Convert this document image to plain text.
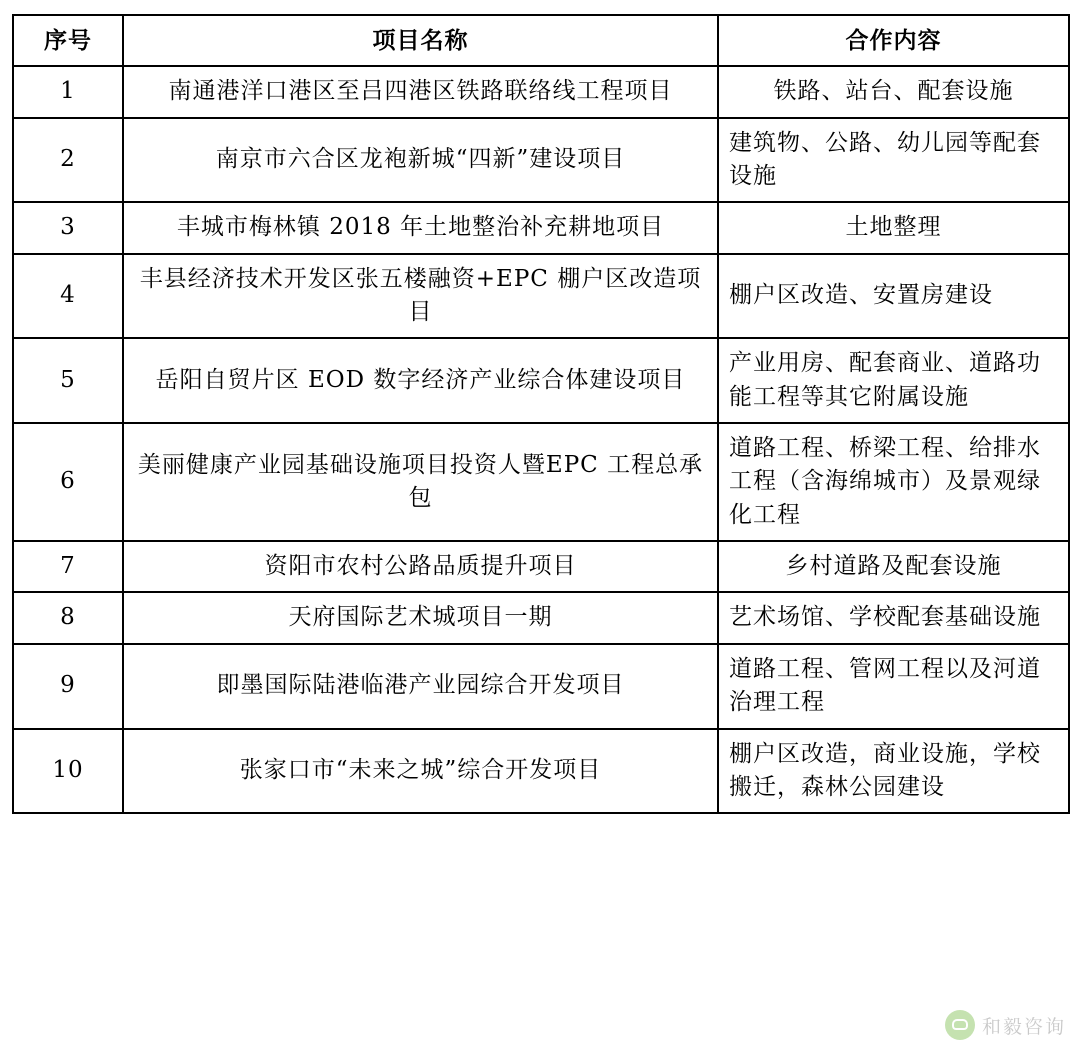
序号	项目名称	合作内容
1	南通港洋口港区至吕四港区铁路联络线工程项目	铁路、站台、配套设施
2	南京市六合区龙袍新城“四新”建设项目	建筑物、公路、幼儿园等配套设施
3	丰城市梅林镇 2018 年土地整治补充耕地项目	土地整理
4	丰县经济技术开发区张五楼融资+EPC 棚户区改造项目	棚户区改造、安置房建设
5	岳阳自贸片区 EOD 数字经济产业综合体建设项目	产业用房、配套商业、道路功能工程等其它附属设施
6	美丽健康产业园基础设施项目投资人暨EPC 工程总承包	道路工程、桥梁工程、给排水工程（含海绵城市）及景观绿化工程
7	资阳市农村公路品质提升项目	乡村道路及配套设施
8	天府国际艺术城项目一期	艺术场馆、学校配套基础设施
9	即墨国际陆港临港产业园综合开发项目	道路工程、管网工程以及河道治理工程
10	张家口市“未来之城”综合开发项目	棚户区改造，商业设施，学校搬迁，森林公园建设
和毅咨询
